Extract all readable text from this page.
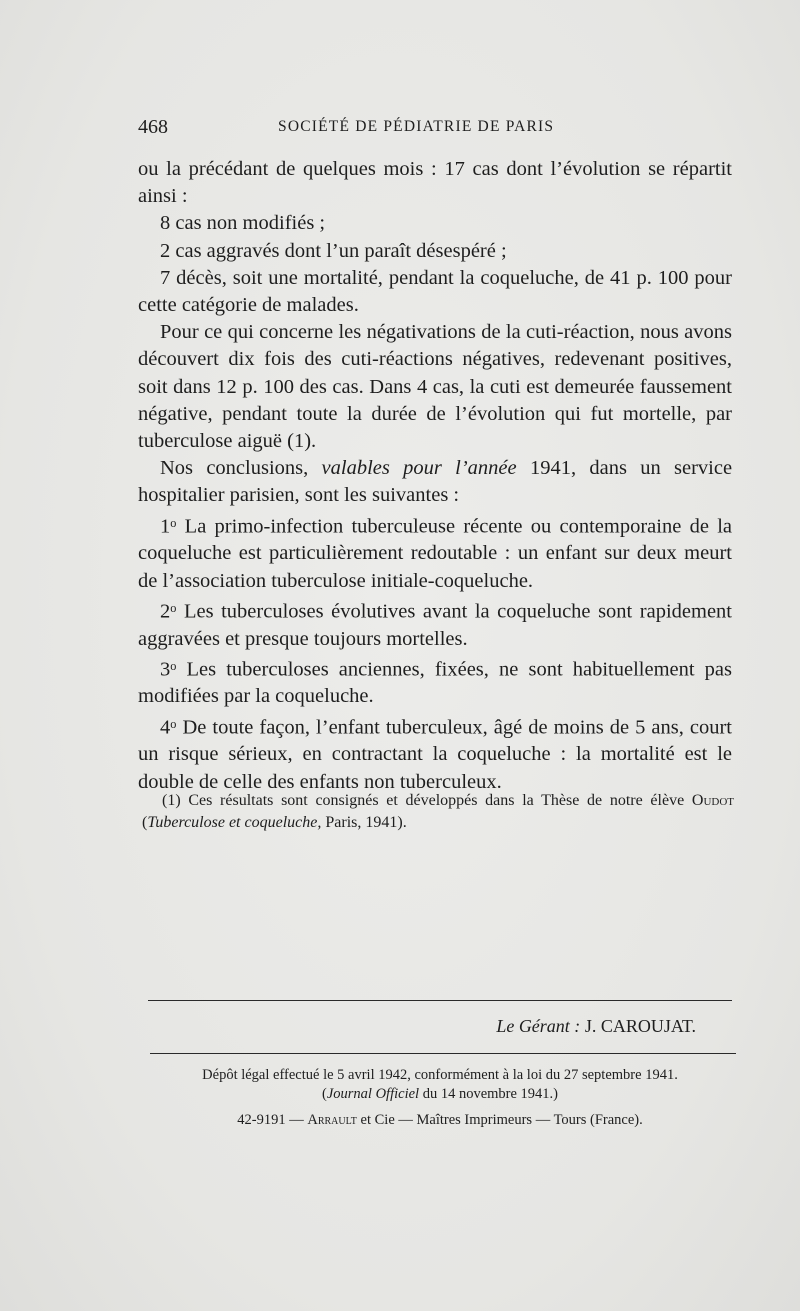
468	SOCIÉTÉ DE PÉDIATRIE DE PARIS

ou la précédant de quelques mois : 17 cas dont l’évolution se répartit ainsi :

8 cas non modifiés ;

2 cas aggravés dont l’un paraît désespéré ;

7 décès, soit une mortalité, pendant la coqueluche, de 41 p. 100 pour cette catégorie de malades.

Pour ce qui concerne les négativations de la cuti-réaction, nous avons découvert dix fois des cuti-réactions négatives, redevenant positives, soit dans 12 p. 100 des cas. Dans 4 cas, la cuti est demeurée faussement négative, pendant toute la durée de l’évolution qui fut mortelle, par tuberculose aiguë (1).

Nos conclusions, valables pour l’année 1941, dans un service hospitalier parisien, sont les suivantes :

1$^o$ La primo-infection tuberculeuse récente ou contemporaine de la coqueluche est particulièrement redoutable : un enfant sur deux meurt de l’association tuberculose initiale-coqueluche.

2$^o$ Les tuberculoses évolutives avant la coqueluche sont rapidement aggravées et presque toujours mortelles.

3$^o$ Les tuberculoses anciennes, fixées, ne sont habituellement pas modifiées par la coqueluche.

4$^o$ De toute façon, l’enfant tuberculeux, âgé de moins de 5 ans, court un risque sérieux, en contractant la coqueluche : la mortalité est le double de celle des enfants non tuberculeux.

(1) Ces résultats sont consignés et développés dans la Thèse de notre élève Oudot (Tuberculose et coqueluche, Paris, 1941).

Le Gérant : J. CAROUJAT.

Dépôt légal effectué le 5 avril 1942, conformément à la loi du 27 septembre 1941.

(Journal Officiel du 14 novembre 1941.)

42-9191 — Arrault et Cie — Maîtres Imprimeurs — Tours (France).
